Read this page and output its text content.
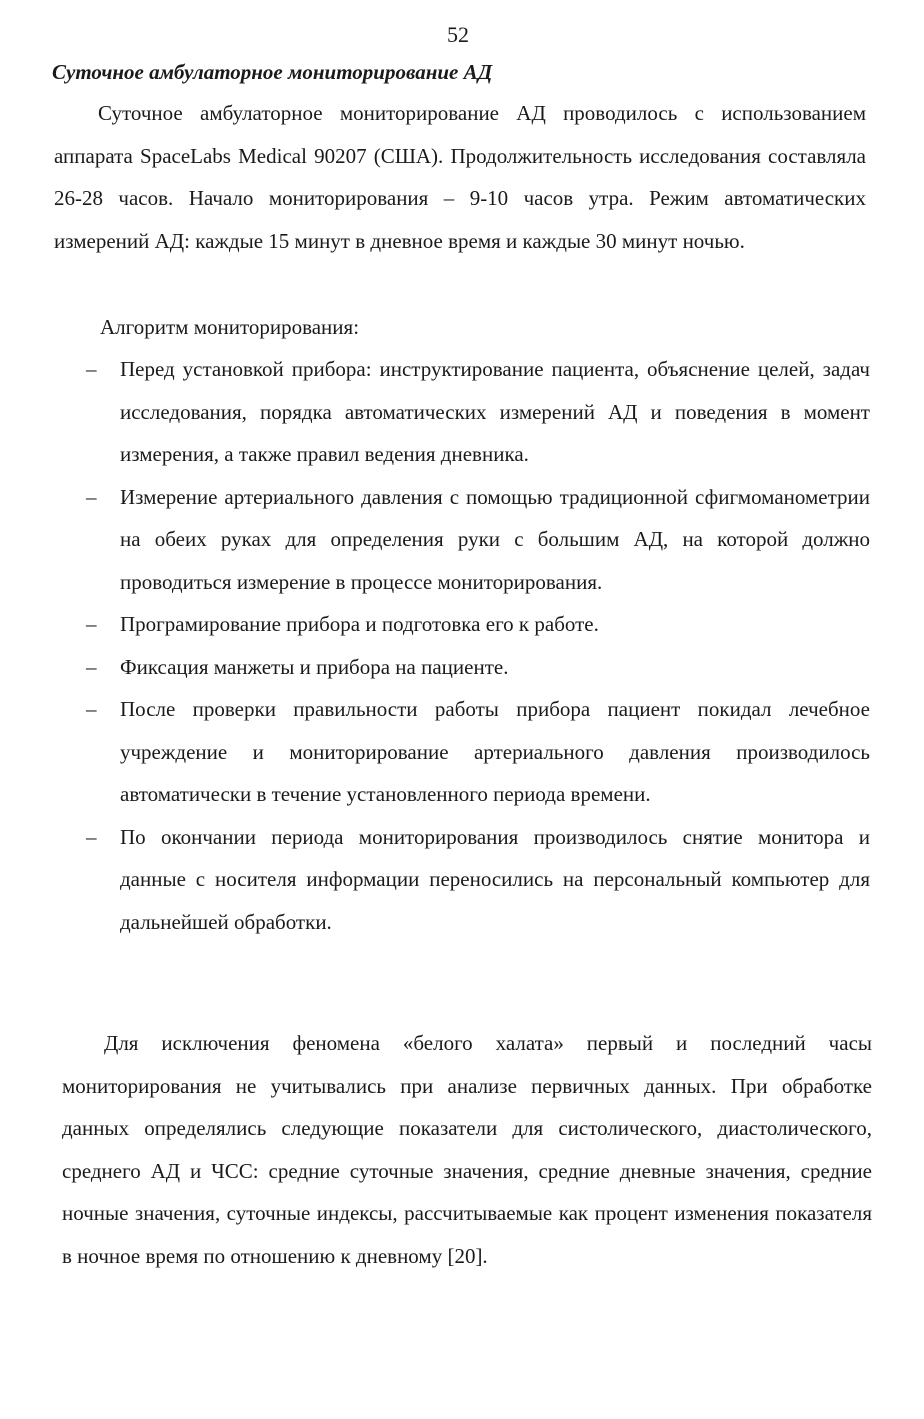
52
Суточное амбулаторное мониторирование АД

Суточное амбулаторное мониторирование АД проводилось с использованием аппарата SpaceLabs Medical 90207 (США). Продолжительность исследования составляла 26-28 часов. Начало мониторирования – 9-10 часов утра. Режим автоматических измерений АД: каждые 15 минут в дневное время и каждые 30 минут ночью.

Алгоритм мониторирования:
– Перед установкой прибора: инструктирование пациента, объяснение целей, задач исследования, порядка автоматических измерений АД и поведения в момент измерения, а также правил ведения дневника.
– Измерение артериального давления с помощью традиционной сфигмоманометрии на обеих руках для определения руки с большим АД, на которой должно проводиться измерение в процессе мониторирования.
– Програмирование прибора и подготовка его к работе.
– Фиксация манжеты и прибора на пациенте.
– После проверки правильности работы прибора пациент покидал лечебное учреждение и мониторирование артериального давления производилось автоматически в течение установленного периода времени.
– По окончании периода мониторирования производилось снятие монитора и данные с носителя информации переносились на персональный компьютер для дальнейшей обработки.

Для исключения феномена «белого халата» первый и последний часы мониторирования не учитывались при анализе первичных данных. При обработке данных определялись следующие показатели для систолического, диастолического, среднего АД и ЧСС: средние суточные значения, средние дневные значения, средние ночные значения, суточные индексы, рассчитываемые как процент изменения показателя в ночное время по отношению к дневному [20].
